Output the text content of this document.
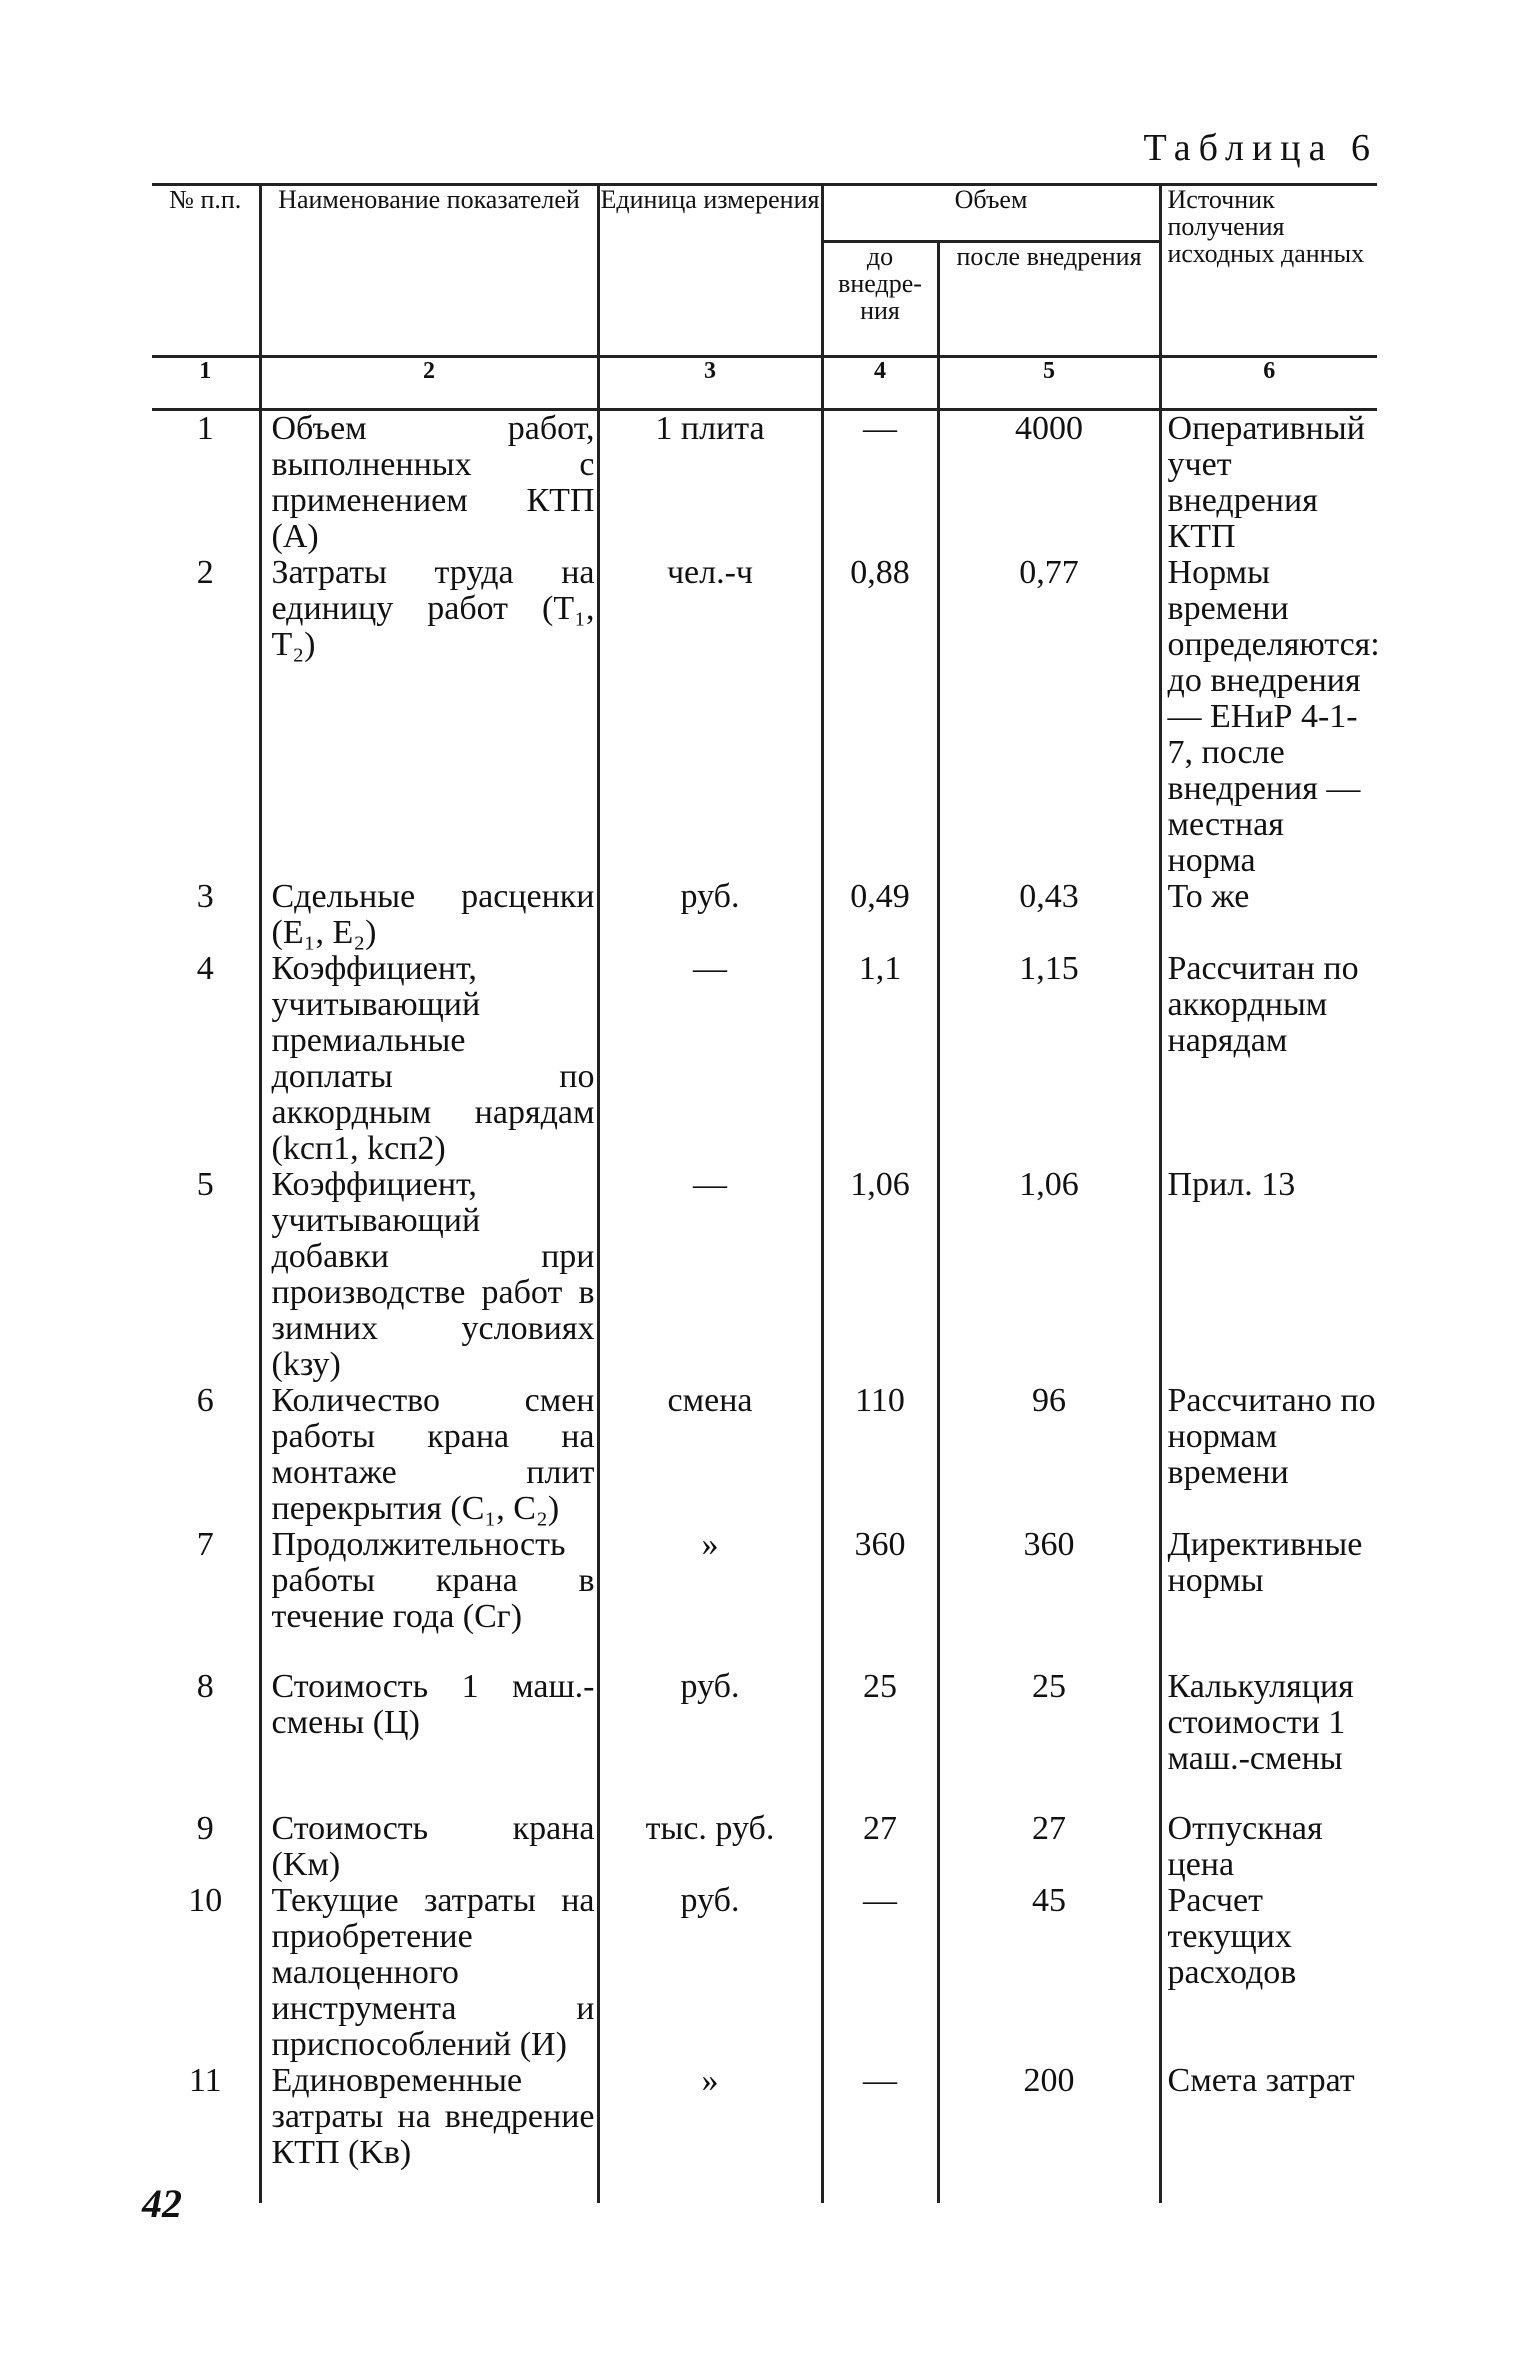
Таблица 6
№ п.п.	Наименование показателей	Единица измерения	Объем		Источник получения исходных данных
			до внедре-ния	после внедрения	
1	2	3	4	5	6
1	Объем работ, выполненных с применением КТП (А)	1 плита	—	4000	Оперативный учет внедрения КТП
2	Затраты труда на единицу работ (T₁, T₂)	чел.-ч	0,88	0,77	Нормы времени определяются: до внедрения — ЕНиР 4-1-7, после внедрения — местная норма
3	Сдельные расценки (E₁, E₂)	руб.	0,49	0,43	То же
4	Коэффициент, учитывающий премиальные доплаты по аккордным нарядам (kсп1, kсп2)	—	1,1	1,15	Рассчитан по аккордным нарядам
5	Коэффициент, учитывающий добавки при производстве работ в зимних условиях (kзу)	—	1,06	1,06	Прил. 13
6	Количество смен работы крана на монтаже плит перекрытия (C₁, C₂)	смена	110	96	Рассчитано по нормам времени
7	Продолжительность работы крана в течение года (Cг)	»	360	360	Директивные нормы
8	Стоимость 1 маш.-смены (Ц)	руб.	25	25	Калькуляция стоимости 1 маш.-смены
9	Стоимость крана (Kм)	тыс. руб.	27	27	Отпускная цена
10	Текущие затраты на приобретение малоценного инструмента и приспособлений (И)	руб.	—	45	Расчет текущих расходов
11	Единовременные затраты на внедрение КТП (Kв)	»	—	200	Смета затрат
42
